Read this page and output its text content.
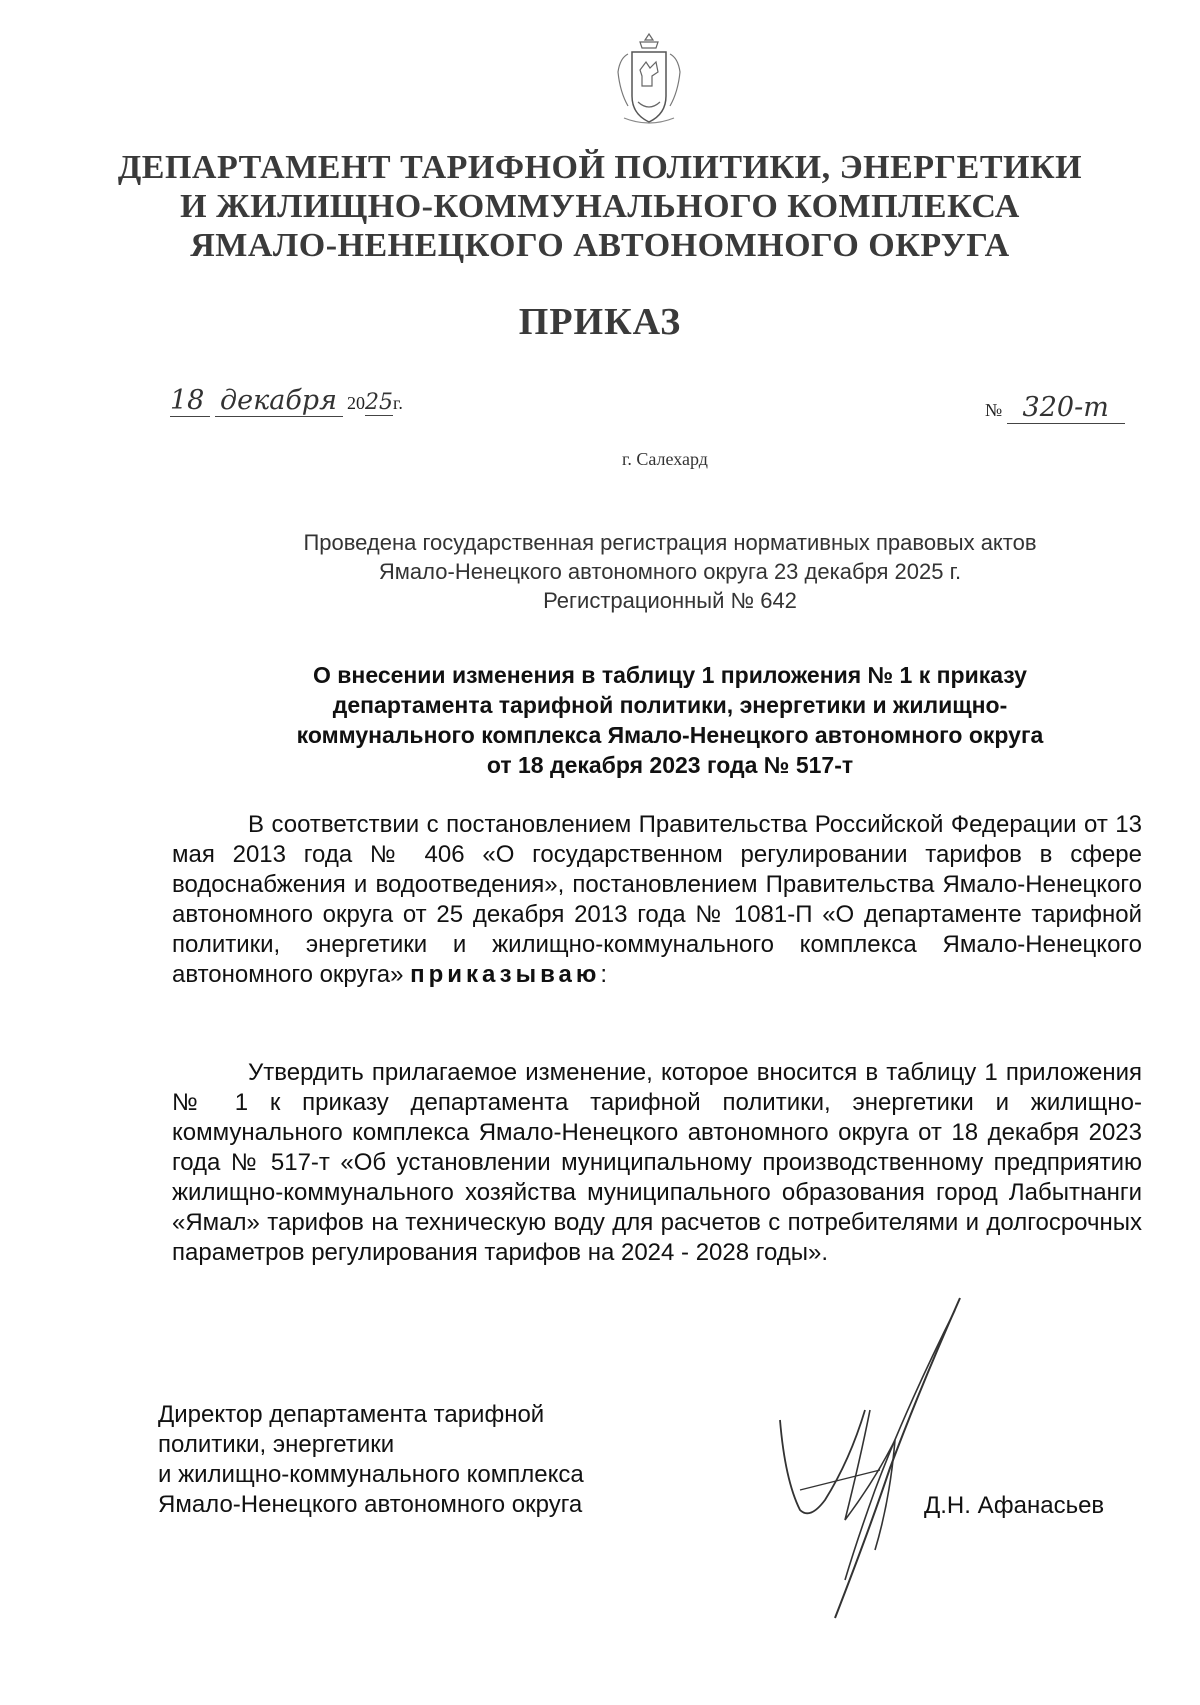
ДЕПАРТАМЕНТ ТАРИФНОЙ ПОЛИТИКИ, ЭНЕРГЕТИКИ
И ЖИЛИЩНО-КОММУНАЛЬНОГО КОМПЛЕКСА
ЯМАЛО-НЕНЕЦКОГО АВТОНОМНОГО ОКРУГА
ПРИКАЗ
18 декабря 2025г.	№ 320-т
г. Салехард
Проведена государственная регистрация нормативных правовых актов
Ямало-Ненецкого автономного округа 23 декабря 2025 г.
Регистрационный № 642
О внесении изменения в таблицу 1 приложения № 1 к приказу
департамента тарифной политики, энергетики и жилищно-
коммунального комплекса Ямало-Ненецкого автономного округа
от 18 декабря 2023 года № 517-т
В соответствии с постановлением Правительства Российской Федерации от 13 мая 2013 года № 406 «О государственном регулировании тарифов в сфере водоснабжения и водоотведения», постановлением Правительства Ямало-Ненецкого автономного округа от 25 декабря 2013 года № 1081-П «О департаменте тарифной политики, энергетики и жилищно-коммунального комплекса Ямало-Ненецкого автономного округа» приказываю:
Утвердить прилагаемое изменение, которое вносится в таблицу 1 приложения № 1 к приказу департамента тарифной политики, энергетики и жилищно-коммунального комплекса Ямало-Ненецкого автономного округа от 18 декабря 2023 года № 517-т «Об установлении муниципальному производственному предприятию жилищно-коммунального хозяйства муниципального образования город Лабытнанги «Ямал» тарифов на техническую воду для расчетов с потребителями и долгосрочных параметров регулирования тарифов на 2024 - 2028 годы».
Директор департамента тарифной
политики, энергетики
и жилищно-коммунального комплекса
Ямало-Ненецкого автономного округа	Д.Н. Афанасьев
